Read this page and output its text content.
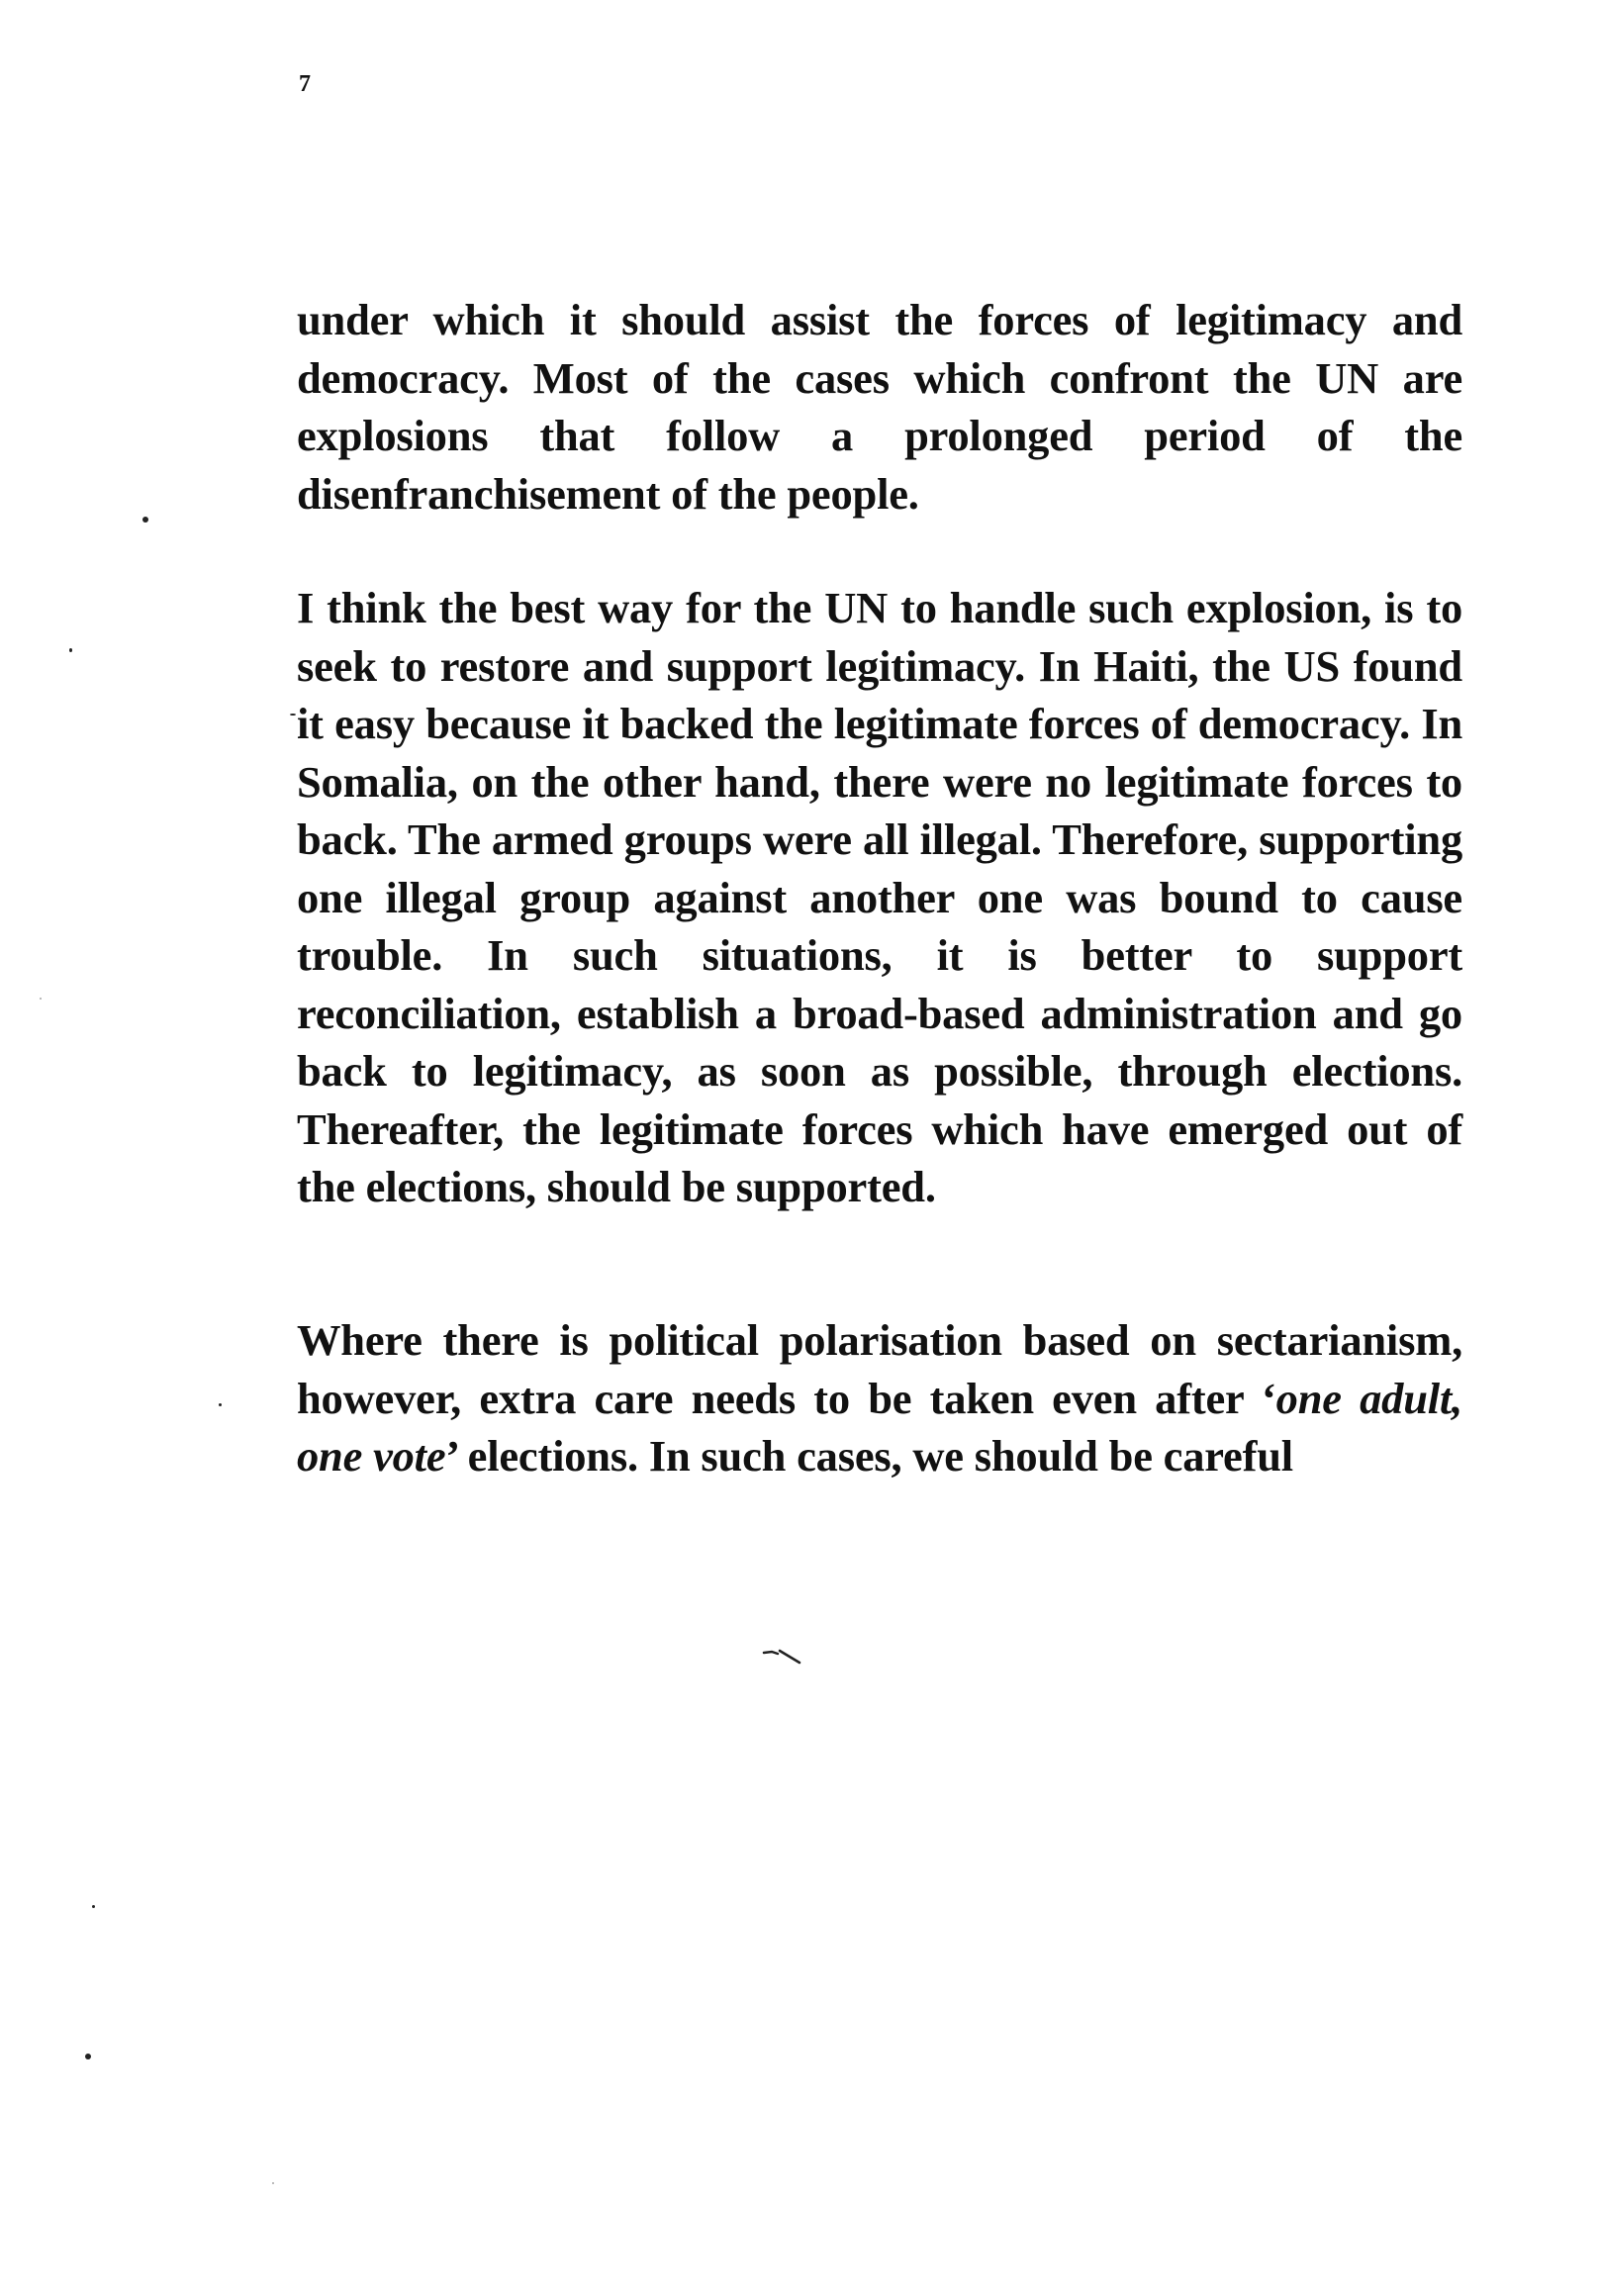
7

under which it should assist the forces of legitimacy and democracy. Most of the cases which confront the UN are explosions that follow a prolonged period of the disenfranchisement of the people.

I think the best way for the UN to handle such explosion, is to seek to restore and support legitimacy. In Haiti, the US found it easy because it backed the legitimate forces of democracy. In Somalia, on the other hand, there were no legitimate forces to back. The armed groups were all illegal. Therefore, supporting one illegal group against another one was bound to cause trouble. In such situations, it is better to support reconciliation, establish a broad-based administration and go back to legitimacy, as soon as possible, through elections. Thereafter, the legitimate forces which have emerged out of the elections, should be supported.

Where there is political polarisation based on sectarianism, however, extra care needs to be taken even after ‘one adult, one vote’ elections. In such cases, we should be careful
